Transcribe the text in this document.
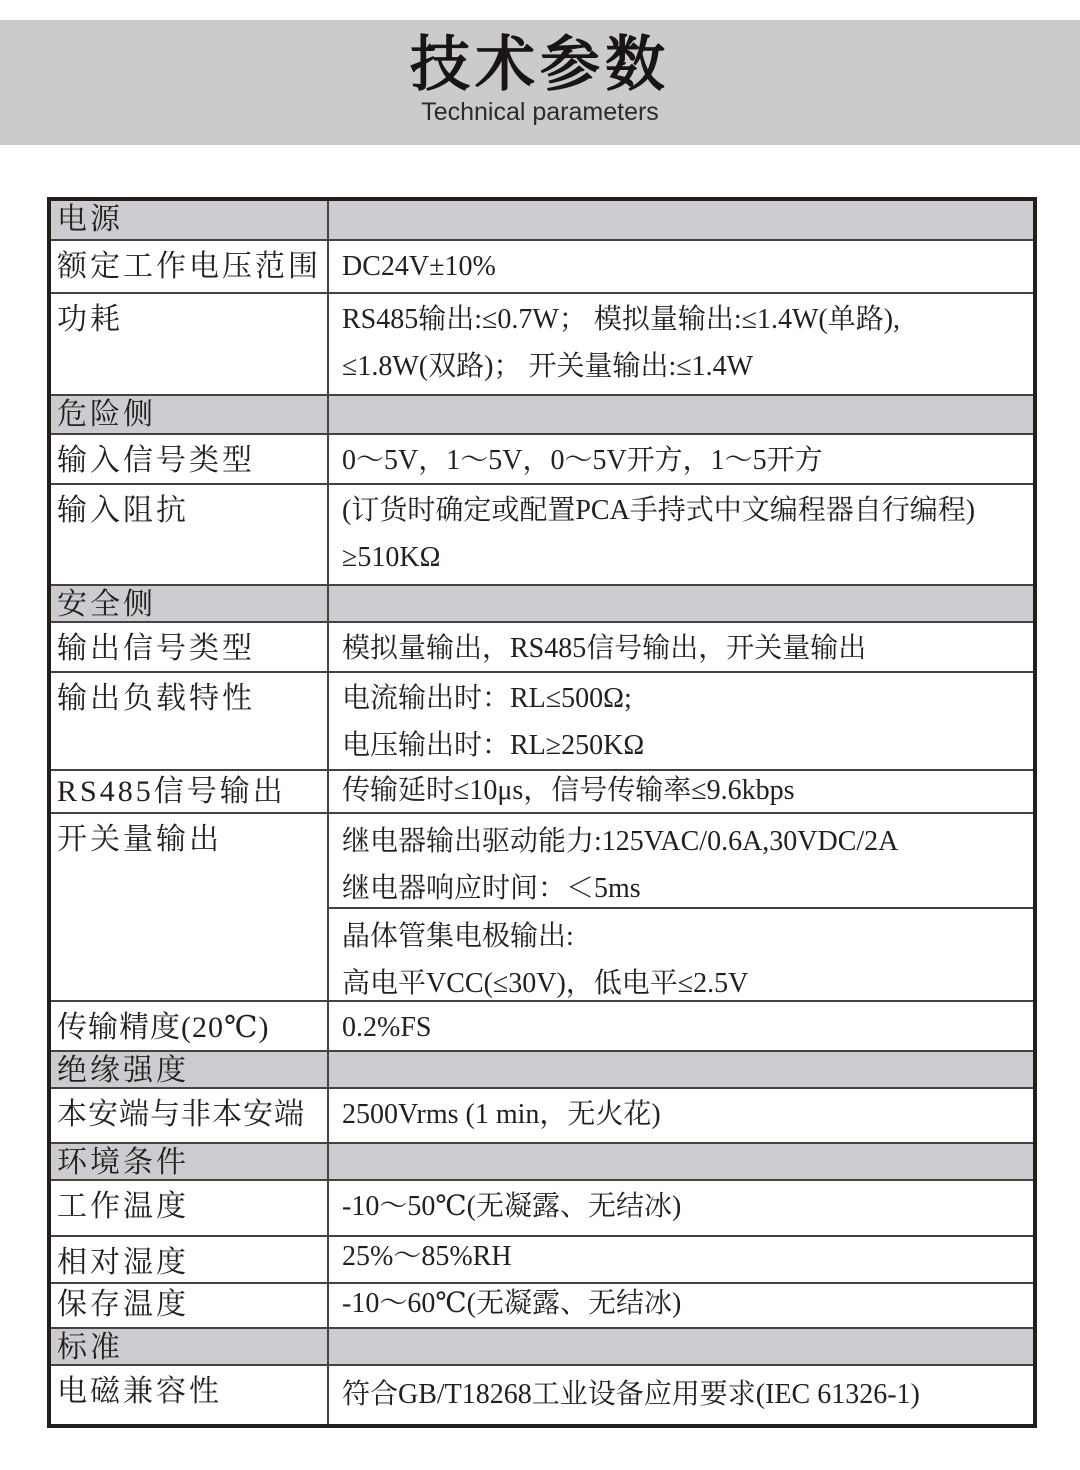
技术参数
Technical parameters
电源
额定工作电压范围 DC24V±10%
功耗	RS485输出:≤0.7W； 模拟量输出:≤1.4W(单路),
≤1.8W(双路)； 开关量输出:≤1.4W
危险侧
输入信号类型	0～5V，1～5V，0～5V开方，1～5开方
输入阻抗	(订货时确定或配置PCA手持式中文编程器自行编程)
≥510KΩ
安全侧
输出信号类型	模拟量输出，RS485信号输出，开关量输出
输出负载特性	电流输出时：RL≤500Ω;
电压输出时：RL≥250KΩ
RS485信号输出	传输延时≤10μs，信号传输率≤9.6kbps
开关量输出	继电器输出驱动能力:125VAC/0.6A,30VDC/2A
继电器响应时间：＜5ms
晶体管集电极输出:
高电平VCC(≤30V)，低电平≤2.5V
传输精度(20℃)	0.2%FS
绝缘强度
本安端与非本安端	2500Vrms (1 min，无火花)
环境条件
工作温度	-10～50℃(无凝露、无结冰)
相对湿度	25%～85%RH
保存温度	-10～60℃(无凝露、无结冰)
标准
电磁兼容性	符合GB/T18268工业设备应用要求(IEC 61326-1)
